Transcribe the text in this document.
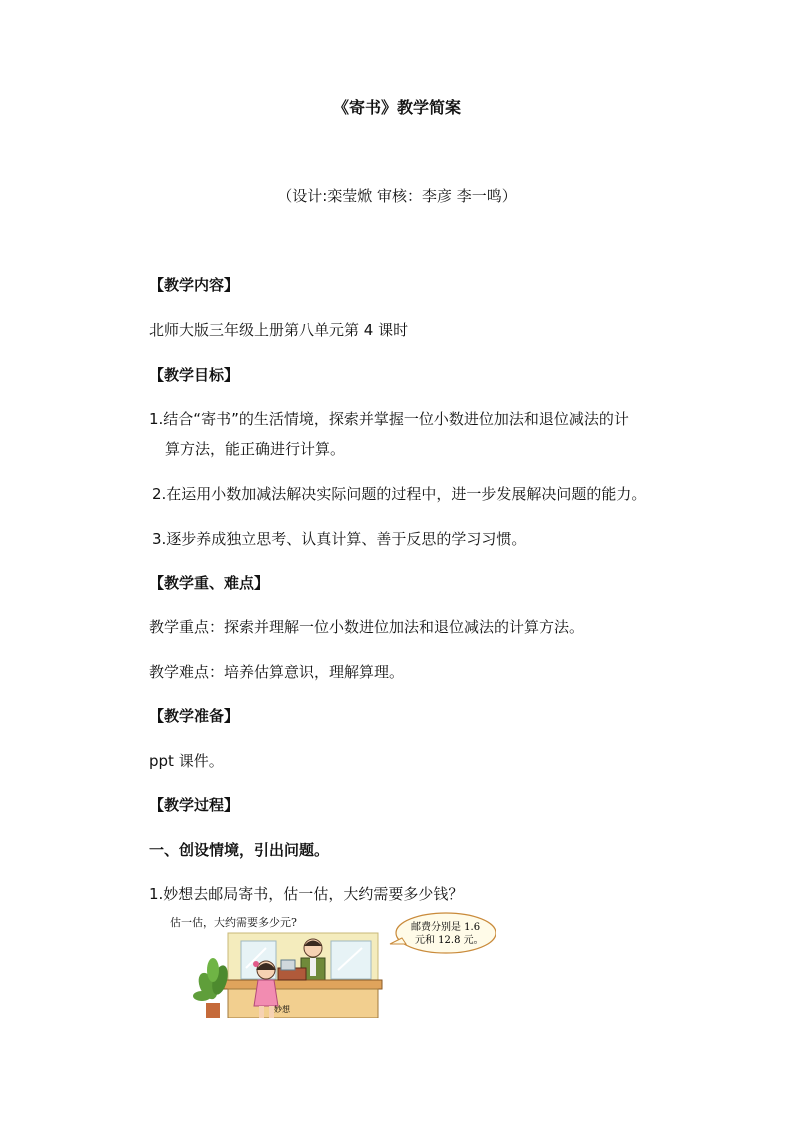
《寄书》教学简案
（设计:栾莹焮 审核：李彦 李一鸣）
【教学内容】
北师大版三年级上册第八单元第 4 课时
【教学目标】
1.结合“寄书”的生活情境，探索并掌握一位小数进位加法和退位减法的计
算方法，能正确进行计算。
2.在运用小数加减法解决实际问题的过程中，进一步发展解决问题的能力。
3.逐步养成独立思考、认真计算、善于反思的学习习惯。
【教学重、难点】
教学重点：探索并理解一位小数进位加法和退位减法的计算方法。
教学难点：培养估算意识，理解算理。
【教学准备】
ppt 课件。
【教学过程】
一、创设情境，引出问题。
1.妙想去邮局寄书，估一估，大约需要多少钱？
估一估，大约需要多少元?
妙想
邮费分别是 1.6
元和 12.8 元。
